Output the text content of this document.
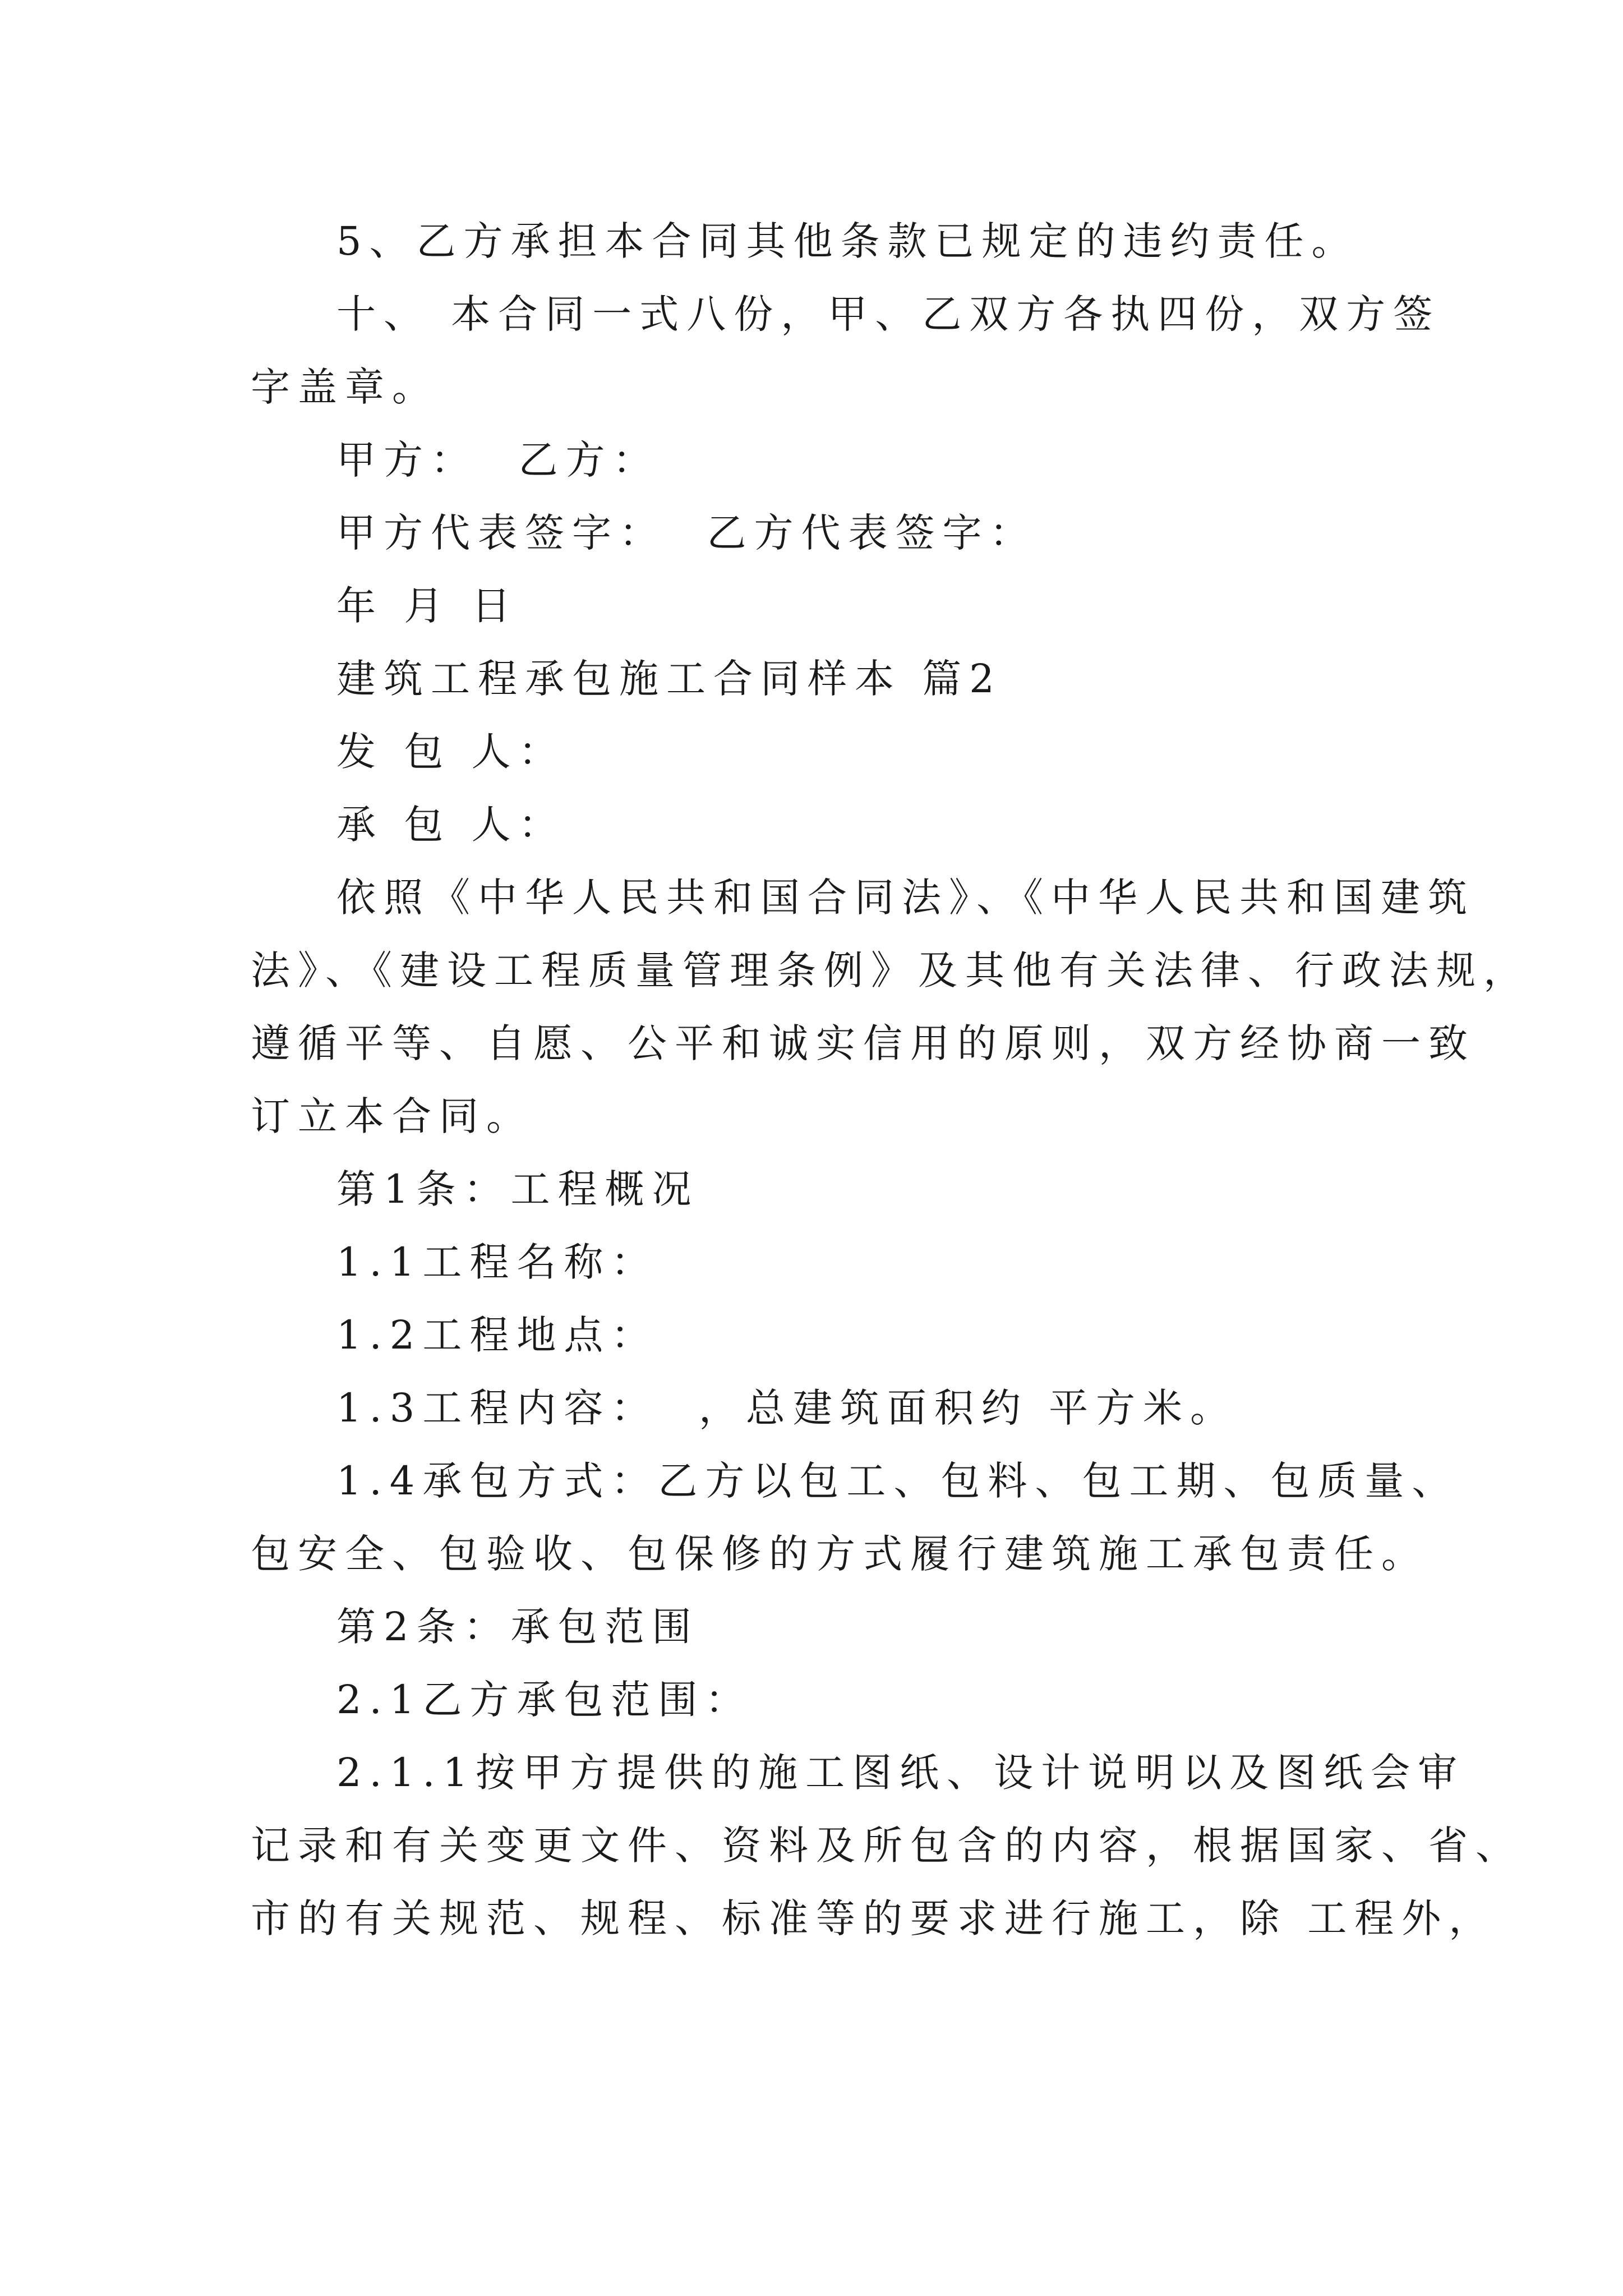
5、乙方承担本合同其他条款已规定的违约责任。
十、 本合同一式八份，甲、乙双方各执四份，双方签
字盖章。
甲方：  乙方：
甲方代表签字：  乙方代表签字：
年 月 日
建筑工程承包施工合同样本 篇2
发 包 人：
承 包 人：
依照《中华人民共和国合同法》、《中华人民共和国建筑
法》、《建设工程质量管理条例》及其他有关法律、行政法规，
遵循平等、自愿、公平和诚实信用的原则，双方经协商一致
订立本合同。
第1条：工程概况
1.1工程名称：
1.2工程地点：
1.3工程内容：  ，总建筑面积约 平方米。
1.4承包方式：乙方以包工、包料、包工期、包质量、
包安全、包验收、包保修的方式履行建筑施工承包责任。
第2条：承包范围
2.1乙方承包范围：
2.1.1按甲方提供的施工图纸、设计说明以及图纸会审
记录和有关变更文件、资料及所包含的内容，根据国家、省、
市的有关规范、规程、标准等的要求进行施工，除 工程外，
